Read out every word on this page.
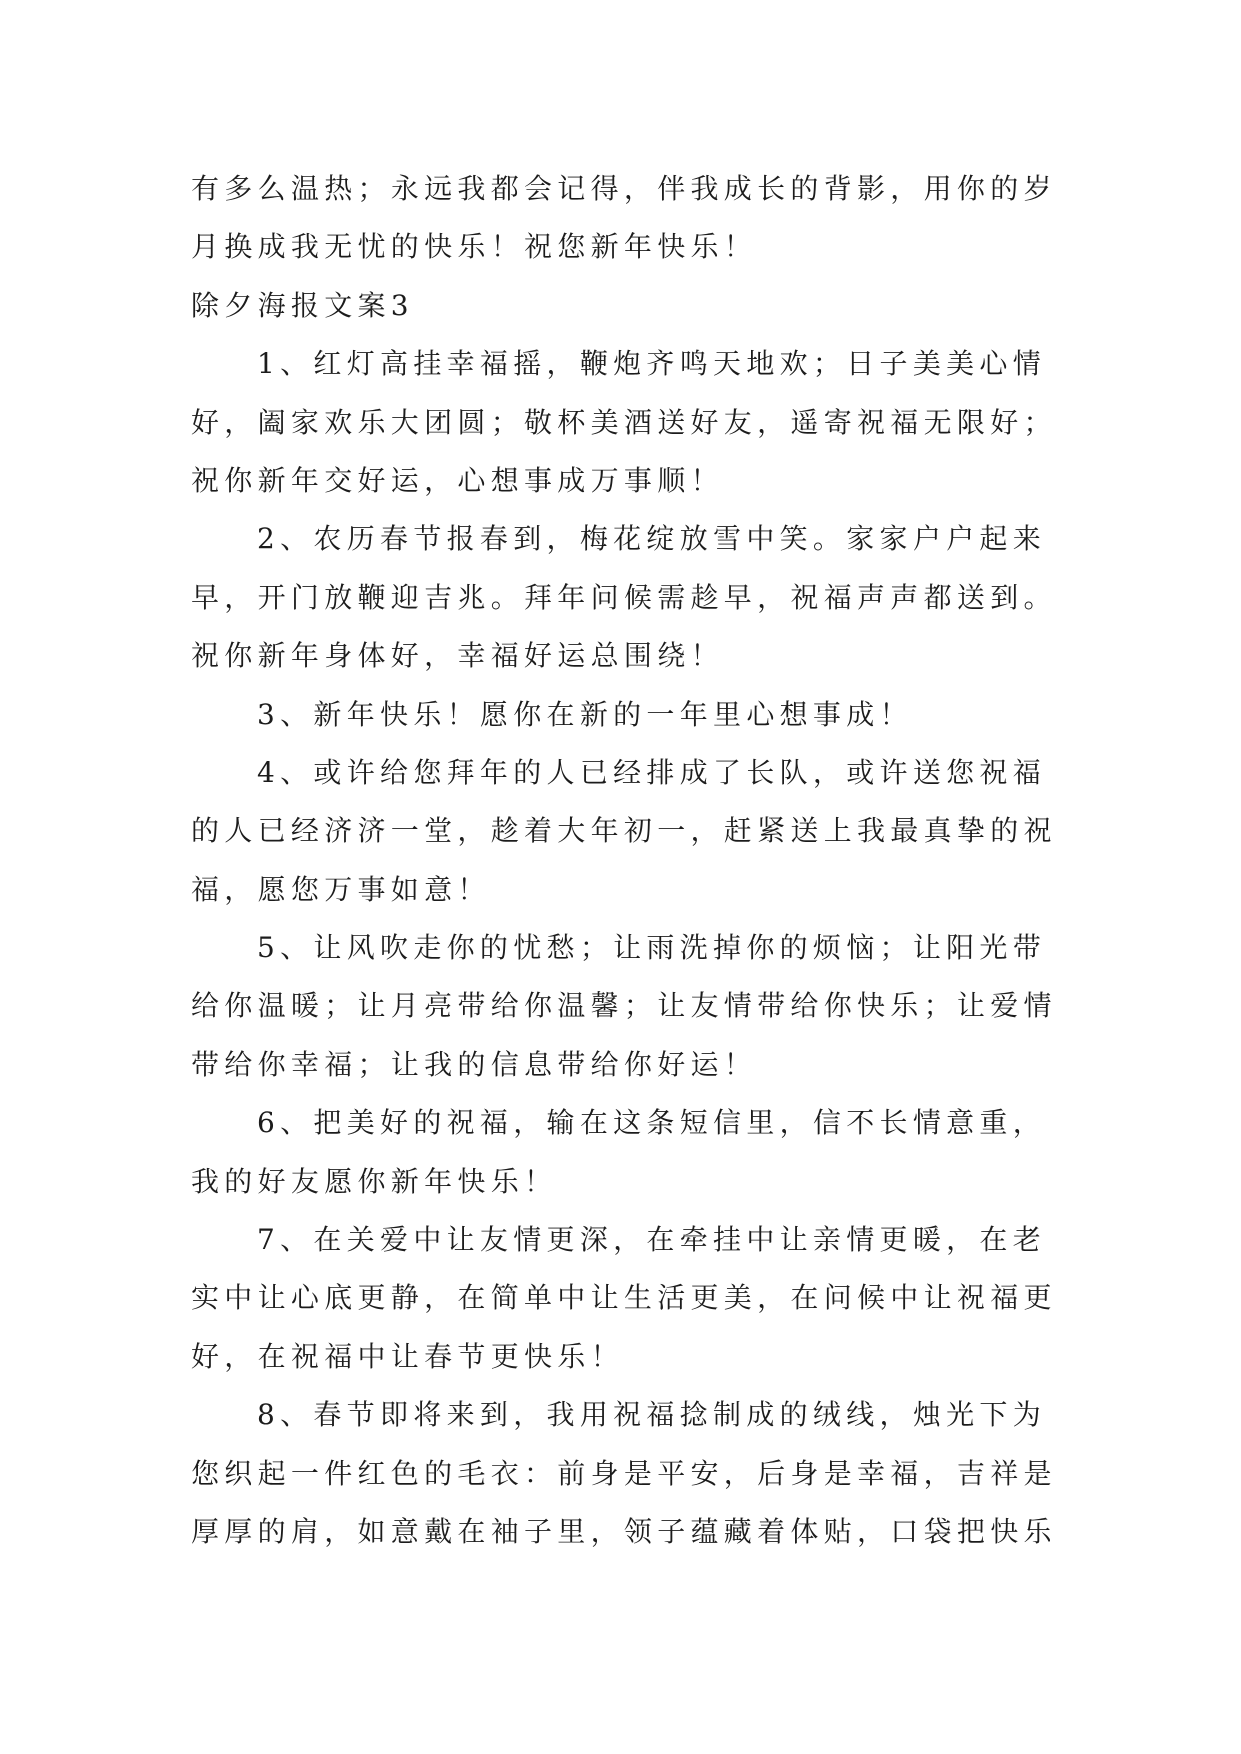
有多么温热；永远我都会记得，伴我成长的背影，用你的岁
月换成我无忧的快乐！祝您新年快乐！
除夕海报文案3
1、红灯高挂幸福摇，鞭炮齐鸣天地欢；日子美美心情
好，阖家欢乐大团圆；敬杯美酒送好友，遥寄祝福无限好；
祝你新年交好运，心想事成万事顺！
2、农历春节报春到，梅花绽放雪中笑。家家户户起来
早，开门放鞭迎吉兆。拜年问候需趁早，祝福声声都送到。
祝你新年身体好，幸福好运总围绕！
3、新年快乐！愿你在新的一年里心想事成！
4、或许给您拜年的人已经排成了长队，或许送您祝福
的人已经济济一堂，趁着大年初一，赶紧送上我最真挚的祝
福，愿您万事如意！
5、让风吹走你的忧愁；让雨洗掉你的烦恼；让阳光带
给你温暖；让月亮带给你温馨；让友情带给你快乐；让爱情
带给你幸福；让我的信息带给你好运！
6、把美好的祝福，输在这条短信里，信不长情意重，
我的好友愿你新年快乐！
7、在关爱中让友情更深，在牵挂中让亲情更暖，在老
实中让心底更静，在简单中让生活更美，在问候中让祝福更
好，在祝福中让春节更快乐！
8、春节即将来到，我用祝福捻制成的绒线，烛光下为
您织起一件红色的毛衣：前身是平安，后身是幸福，吉祥是
厚厚的肩，如意戴在袖子里，领子蕴藏着体贴，口袋把快乐
